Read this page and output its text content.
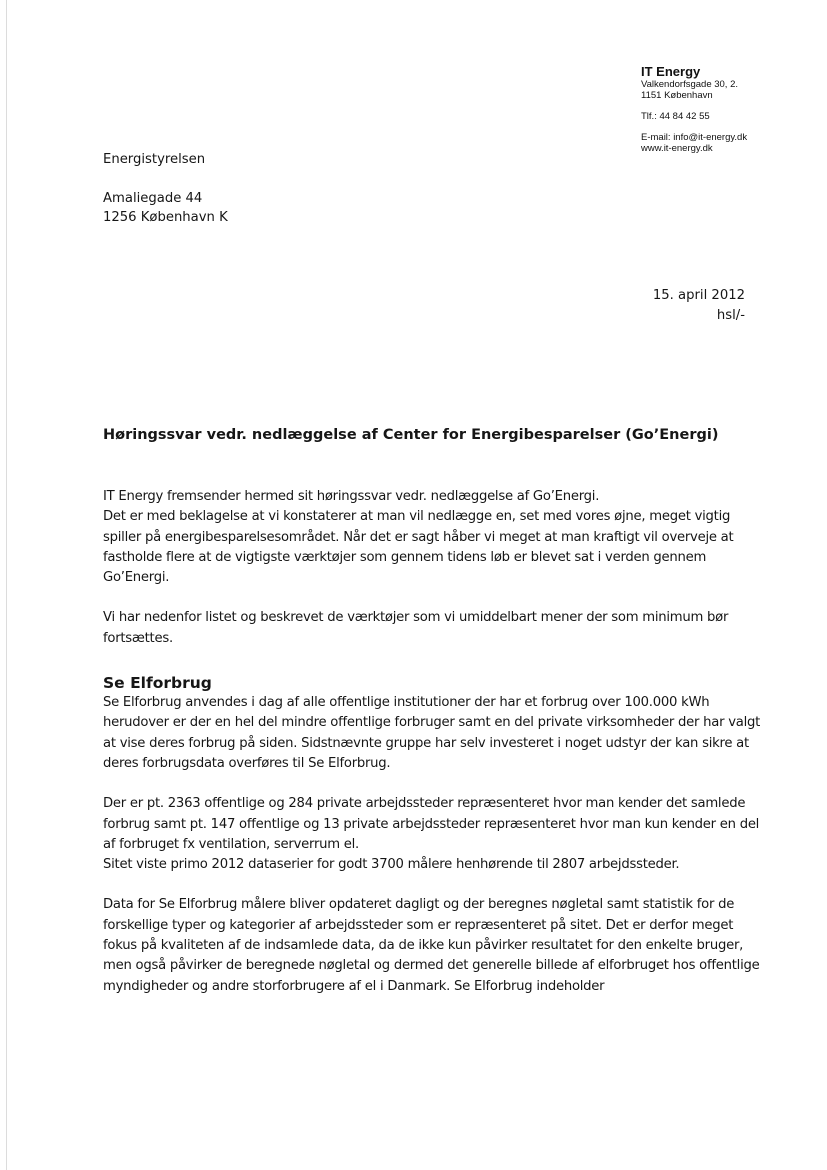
IT Energy
Valkendorfsgade 30, 2.
1151 København
Tlf.: 44 84 42 55
E-mail: info@it-energy.dk
www.it-energy.dk
Energistyrelsen
Amaliegade 44
1256 København K
15. april 2012
hsl/-
Høringssvar vedr. nedlæggelse af Center for Energibesparelser (Go’Energi)

IT Energy fremsender hermed sit høringssvar vedr. nedlæggelse af Go’Energi.

Det er med beklagelse at vi konstaterer at man vil nedlægge en, set med vores øjne, meget vigtig spiller på energibesparelsesområdet. Når det er sagt håber vi meget at man kraftigt vil overveje at fastholde flere at de vigtigste værktøjer som gennem tidens løb er blevet sat i verden gennem Go’Energi.

Vi har nedenfor listet og beskrevet de værktøjer som vi umiddelbart mener der som minimum bør fortsættes.

Se Elforbrug

Se Elforbrug anvendes i dag af alle offentlige institutioner der har et forbrug over 100.000 kWh herudover er der en hel del mindre offentlige forbruger samt en del private virksomheder der har valgt at vise deres forbrug på siden. Sidstnævnte gruppe har selv investeret i noget udstyr der kan sikre at deres forbrugsdata overføres til Se Elforbrug.

Der er pt. 2363 offentlige og 284 private arbejdssteder repræsenteret hvor man kender det samlede forbrug samt pt. 147 offentlige og 13 private arbejdssteder repræsenteret hvor man kun kender en del af forbruget fx ventilation, serverrum el.

Sitet viste primo 2012 dataserier for godt 3700 målere henhørende til 2807 arbejdssteder.

Data for Se Elforbrug målere bliver opdateret dagligt og der beregnes nøgletal samt statistik for de forskellige typer og kategorier af arbejdssteder som er repræsenteret på sitet. Det er derfor meget fokus på kvaliteten af de indsamlede data, da de ikke kun påvirker resultatet for den enkelte bruger, men også påvirker de beregnede nøgletal og dermed det generelle billede af elforbruget hos offentlige myndigheder og andre storforbrugere af el i Danmark. Se Elforbrug indeholder
